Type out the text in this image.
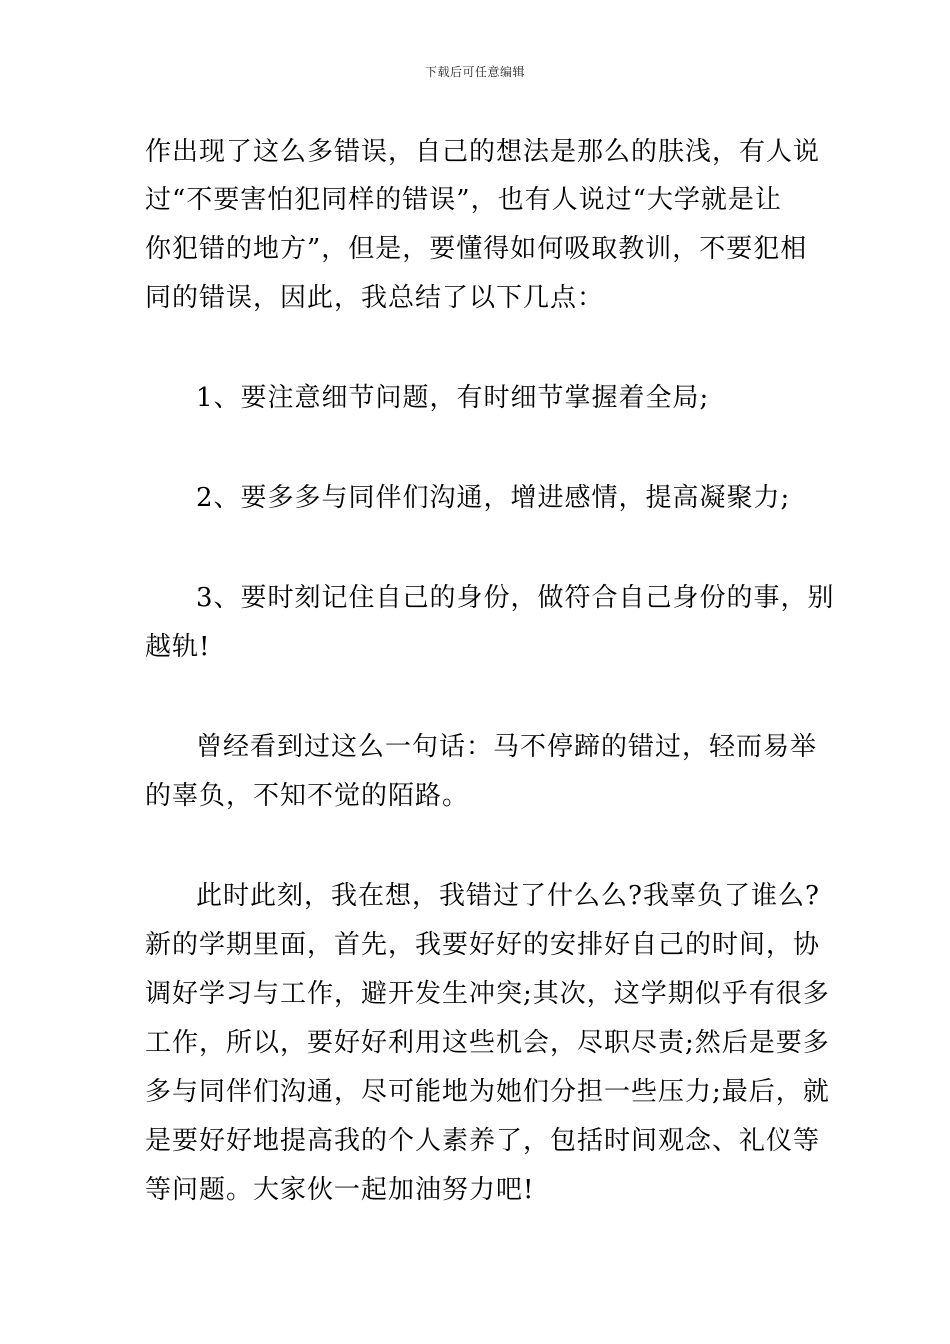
下载后可任意编辑
作出现了这么多错误，自己的想法是那么的肤浅，有人说
过“不要害怕犯同样的错误”，也有人说过“大学就是让
你犯错的地方”，但是，要懂得如何吸取教训，不要犯相
同的错误，因此，我总结了以下几点：
1、要注意细节问题，有时细节掌握着全局;
2、要多多与同伴们沟通，增进感情，提高凝聚力;
3、要时刻记住自己的身份，做符合自己身份的事，别
越轨!
曾经看到过这么一句话：马不停蹄的错过，轻而易举
的辜负，不知不觉的陌路。
此时此刻，我在想，我错过了什么么?我辜负了谁么?
新的学期里面，首先，我要好好的安排好自己的时间，协
调好学习与工作，避开发生冲突;其次，这学期似乎有很多
工作，所以，要好好利用这些机会，尽职尽责;然后是要多
多与同伴们沟通，尽可能地为她们分担一些压力;最后，就
是要好好地提高我的个人素养了，包括时间观念、礼仪等
等问题。大家伙一起加油努力吧!
